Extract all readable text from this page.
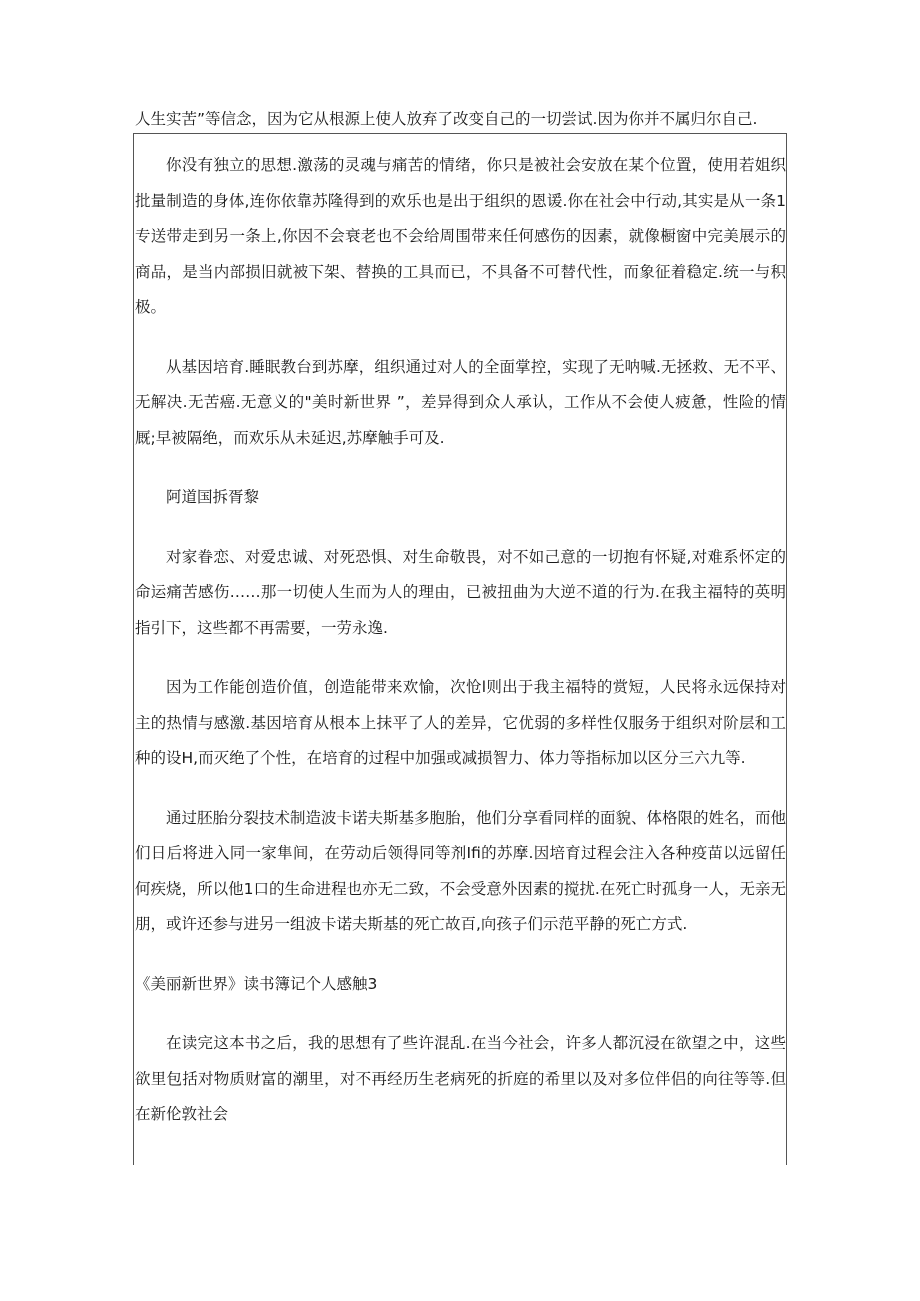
人生实苦”等信念，因为它从根源上使人放弃了改变自己的一切尝试.因为你并不属归尔自己.

你没有独立的思想.激荡的灵魂与痛苦的情绪，你只是被社会安放在某个位置，使用若姐织批量制造的身体,连你依靠苏隆得到的欢乐也是出于组织的恩谖.你在社会中行动,其实是从一条1专送带走到另一条上,你因不会衰老也不会给周围带来任何感伤的因素，就像橱窗中完美展示的商品，是当内部损旧就被下架、替换的工具而已，不具备不可替代性，而象征着稳定.统一与积极。

从基因培育.睡眠教台到苏摩，组织通过对人的全面掌控，实现了无呐喊.无拯救、无不平、无解决.无苦癌.无意义的"美时新世界 ”，差异得到众人承认，工作从不会使人疲惫，性险的情厩;早被隔绝，而欢乐从未延迟,苏摩触手可及.

阿道国拆胥黎

对家眷恋、对爱忠诚、对死恐惧、对生命敬畏，对不如己意的一切抱有怀疑,对难系怀定的命运痛苦感伤……那一切使人生而为人的理由，已被扭曲为大逆不道的行为.在我主福特的英明指引下，这些都不再需要，一劳永逸.

因为工作能创造价值，创造能带来欢愉，次怆l则出于我主福特的赏短，人民将永远保持对主的热情与感激.基因培育从根本上抹平了人的差异，它优弱的多样性仅服务于组织对阶层和工种的设H,而灭绝了个性，在培育的过程中加强或减损智力、体力等指标加以区分三六九等.

通过胚胎分裂技术制造波卡诺夫斯基多胞胎，他们分享看同样的面貌、体格限的姓名，而他们日后将进入同一家隼间，在劳动后领得同等剂Ifi的苏摩.因培育过程会注入各种疫苗以远留任何疾烧，所以他1口的生命进程也亦无二致，不会受意外因素的搅扰.在死亡时孤身一人，无亲无朋，或许还参与进另一组波卡诺夫斯基的死亡故百,向孩子们示范平静的死亡方式.

《美丽新世界》读书簿记个人感触3

在读完这本书之后，我的思想有了些许混乱.在当今社会，许多人都沉浸在欲望之中，这些欲里包括对物质财富的潮里，对不再经历生老病死的折庭的希里以及对多位伴侣的向往等等.但在新伦敦社会
